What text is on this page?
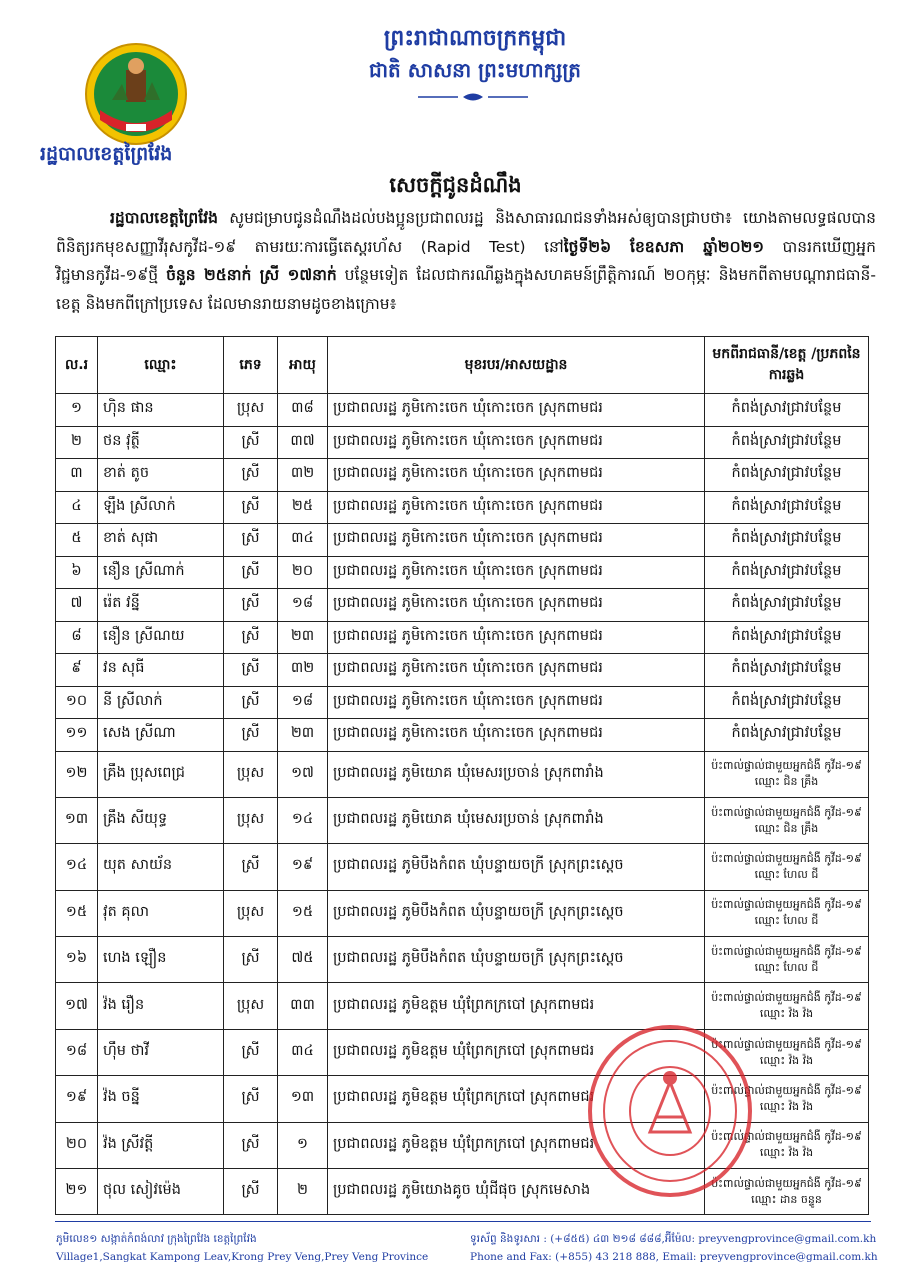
រដ្ឋបាលខេត្តព្រៃវែង
ព្រះរាជាណាចក្រកម្ពុជា
ជាតិ សាសនា ព្រះមហាក្សត្រ
សេចក្តីជូនដំណឹង
រដ្ឋបាលខេត្តព្រៃវែង សូមជម្រាបជូនដំណឹងដល់បងប្អូនប្រជាពលរដ្ឋ និងសាធារណជនទាំងអស់ឲ្យបានជ្រាបថា៖ យោងតាមលទ្ធផលបានពិនិត្យរកមុខសញ្ញាវីរុសកូវីដ-១៩ តាមរយៈការធ្វើតេស្តរហ័ស (Rapid Test) នៅថ្ងៃទី២៦ ខែឧសភា ឆ្នាំ២០២១ បានរកឃើញអ្នកវិជ្ជមានកូវីដ-១៩ថ្មី ចំនួន ២៥នាក់ ស្រី ១៧នាក់ បន្ថែមទៀត ដែលជាករណីឆ្លងក្នុងសហគមន៍ព្រឹត្តិការណ៍ ២០កុម្ភៈ និងមកពីតាមបណ្តារាជធានី-ខេត្ត និងមកពីក្រៅប្រទេស ដែលមានរាយនាមដូចខាងក្រោម៖
ល.រ	ឈ្មោះ	ភេទ	អាយុ	មុខរបរ/អាសយដ្ឋាន	មកពីរាជធានី/ខេត្ត /ប្រភពនៃការឆ្លង
១	ហ៊ិន ផាន	ប្រុស	៣៨	ប្រជាពលរដ្ឋ ភូមិកោះចេក ឃុំកោះចេក ស្រុកពាមជរ	កំពង់ស្រាវជ្រាវបន្ថែម
២	ថន វុត្ថី	ស្រី	៣៧	ប្រជាពលរដ្ឋ ភូមិកោះចេក ឃុំកោះចេក ស្រុកពាមជរ	កំពង់ស្រាវជ្រាវបន្ថែម
៣	ខាត់ តូច	ស្រី	៣២	ប្រជាពលរដ្ឋ ភូមិកោះចេក ឃុំកោះចេក ស្រុកពាមជរ	កំពង់ស្រាវជ្រាវបន្ថែម
៤	ឡឹង ស្រីលាក់	ស្រី	២៥	ប្រជាពលរដ្ឋ ភូមិកោះចេក ឃុំកោះចេក ស្រុកពាមជរ	កំពង់ស្រាវជ្រាវបន្ថែម
៥	ខាត់ សុផា	ស្រី	៣៤	ប្រជាពលរដ្ឋ ភូមិកោះចេក ឃុំកោះចេក ស្រុកពាមជរ	កំពង់ស្រាវជ្រាវបន្ថែម
៦	នឿន ស្រីណាក់	ស្រី	២០	ប្រជាពលរដ្ឋ ភូមិកោះចេក ឃុំកោះចេក ស្រុកពាមជរ	កំពង់ស្រាវជ្រាវបន្ថែម
៧	រ៉េត វន្នី	ស្រី	១៨	ប្រជាពលរដ្ឋ ភូមិកោះចេក ឃុំកោះចេក ស្រុកពាមជរ	កំពង់ស្រាវជ្រាវបន្ថែម
៨	នឿន ស្រីណយ	ស្រី	២៣	ប្រជាពលរដ្ឋ ភូមិកោះចេក ឃុំកោះចេក ស្រុកពាមជរ	កំពង់ស្រាវជ្រាវបន្ថែម
៩	វន សុធី	ស្រី	៣២	ប្រជាពលរដ្ឋ ភូមិកោះចេក ឃុំកោះចេក ស្រុកពាមជរ	កំពង់ស្រាវជ្រាវបន្ថែម
១០	នី ស្រីលាក់	ស្រី	១៨	ប្រជាពលរដ្ឋ ភូមិកោះចេក ឃុំកោះចេក ស្រុកពាមជរ	កំពង់ស្រាវជ្រាវបន្ថែម
១១	សេង ស្រីណា	ស្រី	២៣	ប្រជាពលរដ្ឋ ភូមិកោះចេក ឃុំកោះចេក ស្រុកពាមជរ	កំពង់ស្រាវជ្រាវបន្ថែម
១២	គ្រឹង ប្រុសពេជ្រ	ប្រុស	១៧	ប្រជាពលរដ្ឋ ភូមិយោគ ឃុំមេសរប្រចាន់ ស្រុកពារាំង	ប៉ះពាល់ផ្ទាល់ជាមួយអ្នកជំងឺ កូវីដ-១៩ ឈ្មោះ ជិន គ្រឹង
១៣	គ្រឹង សីយុទ្ធ	ប្រុស	១៤	ប្រជាពលរដ្ឋ ភូមិយោគ ឃុំមេសរប្រចាន់ ស្រុកពារាំង	ប៉ះពាល់ផ្ទាល់ជាមួយអ្នកជំងឺ កូវីដ-១៩ ឈ្មោះ ជិន គ្រឹង
១៤	យុត សាយ័ន	ស្រី	១៩	ប្រជាពលរដ្ឋ ភូមិបឹងកំពត ឃុំបន្ទាយចក្រី ស្រុកព្រះស្តេច	ប៉ះពាល់ផ្ទាល់ជាមួយអ្នកជំងឺ កូវីដ-១៩ ឈ្មោះ ហែល ជី
១៥	វុត គុលា	ប្រុស	១៥	ប្រជាពលរដ្ឋ ភូមិបឹងកំពត ឃុំបន្ទាយចក្រី ស្រុកព្រះស្តេច	ប៉ះពាល់ផ្ទាល់ជាមួយអ្នកជំងឺ កូវីដ-១៩ ឈ្មោះ ហែល ជី
១៦	ហេង ឡឿន	ស្រី	៧៥	ប្រជាពលរដ្ឋ ភូមិបឹងកំពត ឃុំបន្ទាយចក្រី ស្រុកព្រះស្តេច	ប៉ះពាល់ផ្ទាល់ជាមួយអ្នកជំងឺ កូវីដ-១៩ ឈ្មោះ ហែល ជី
១៧	វ៉ង រឿន	ប្រុស	៣៣	ប្រជាពលរដ្ឋ ភូមិឧត្តម ឃុំព្រែកក្របៅ ស្រុកពាមជរ	ប៉ះពាល់ផ្ទាល់ជាមួយអ្នកជំងឺ កូវីដ-១៩ ឈ្មោះ វ៉ង វ៉ង
១៨	ហ៊ឹម ថាវី	ស្រី	៣៤	ប្រជាពលរដ្ឋ ភូមិឧត្តម ឃុំព្រែកក្របៅ ស្រុកពាមជរ	ប៉ះពាល់ផ្ទាល់ជាមួយអ្នកជំងឺ កូវីដ-១៩ ឈ្មោះ វ៉ង វ៉ង
១៩	វ៉ង ចន្នី	ស្រី	១៣	ប្រជាពលរដ្ឋ ភូមិឧត្តម ឃុំព្រែកក្របៅ ស្រុកពាមជរ	ប៉ះពាល់ផ្ទាល់ជាមួយអ្នកជំងឺ កូវីដ-១៩ ឈ្មោះ វ៉ង វ៉ង
២០	វ៉ង ស្រីវត្តី	ស្រី	១	ប្រជាពលរដ្ឋ ភូមិឧត្តម ឃុំព្រែកក្របៅ ស្រុកពាមជរ	ប៉ះពាល់ផ្ទាល់ជាមួយអ្នកជំងឺ កូវីដ-១៩ ឈ្មោះ វ៉ង វ៉ង
២១	ថុល សៀវម៉េង	ស្រី	២	ប្រជាពលរដ្ឋ ភូមិយោងគូច ឃុំជីផុច ស្រុកមេសាង	ប៉ះពាល់ផ្ទាល់ជាមួយអ្នកជំងឺ កូវីដ-១៩ ឈ្មោះ ដាន ចន្ទូន
ភូមិលេខ១ សង្កាត់កំពង់លាវ ក្រុងព្រៃវែង ខេត្តព្រៃវែង
Village1,Sangkat Kampong Leav,Krong Prey Veng,Prey Veng Province
ទូរស័ព្ទ និងទូរសារ : (+៨៥៥) ៤៣ ២១៨ ៨៨៨,អ៊ីម៉ែល: preyvengprovince@gmail.com.kh
Phone and Fax: (+855) 43 218 888, Email: preyvengprovince@gmail.com.kh
